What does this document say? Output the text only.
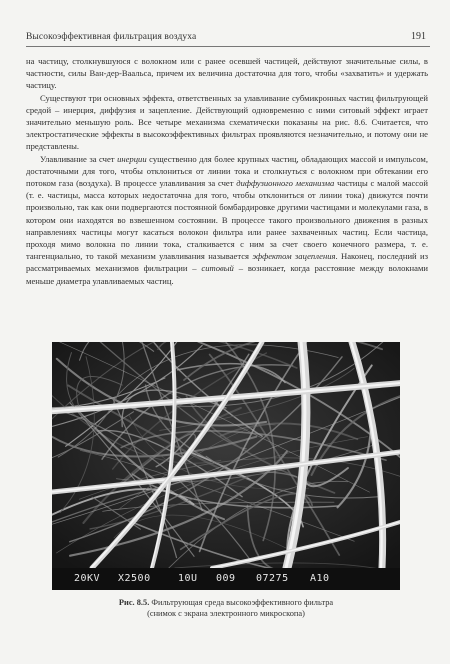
Высокоэффективная фильтрация воздуха	191

на частицу, столкнувшуюся с волокном или с ранее осевшей частицей, действуют значительные силы, в частности, силы Ван-дер-Ваальса, причем их величина достаточна для того, чтобы «захватить» и удержать частицу.

Существуют три основных эффекта, ответственных за улавливание субмикронных частиц фильтрующей средой – инерция, диффузия и зацепление. Действующий одновременно с ними ситовый эффект играет значительно меньшую роль. Все четыре механизма схематически показаны на рис. 8.6. Считается, что электростатические эффекты в высокоэффективных фильтрах проявляются незначительно, и потому они не представлены.

Улавливание за счет инерции существенно для более крупных частиц, обладающих массой и импульсом, достаточными для того, чтобы отклониться от линии тока и столкнуться с волокном при обтекании его потоком газа (воздуха). В процессе улавливания за счет диффузионного механизма частицы с малой массой (т. е. частицы, масса которых недостаточна для того, чтобы отклониться от линии тока) движутся почти произвольно, так как они подвергаются постоянной бомбардировке другими частицами и молекулами газа, в котором они находятся во взвешенном состоянии. В процессе такого произвольного движения в разных направлениях частицы могут касаться волокон фильтра или ранее захваченных частиц. Если частица, проходя мимо волокна по линии тока, сталкивается с ним за счет своего конечного размера, т. е. тангенциально, то такой механизм улавливания называется эффектом зацепления. Наконец, последний из рассматриваемых механизмов фильтрации – ситовый – возникает, когда расстояние между волокнами меньше диаметра улавливаемых частиц.

20KV X2500	10U 009 07275 A10
Рис. 8.5. Фильтрующая среда высокоэффективного фильтра
(снимок с экрана электронного микроскопа)
